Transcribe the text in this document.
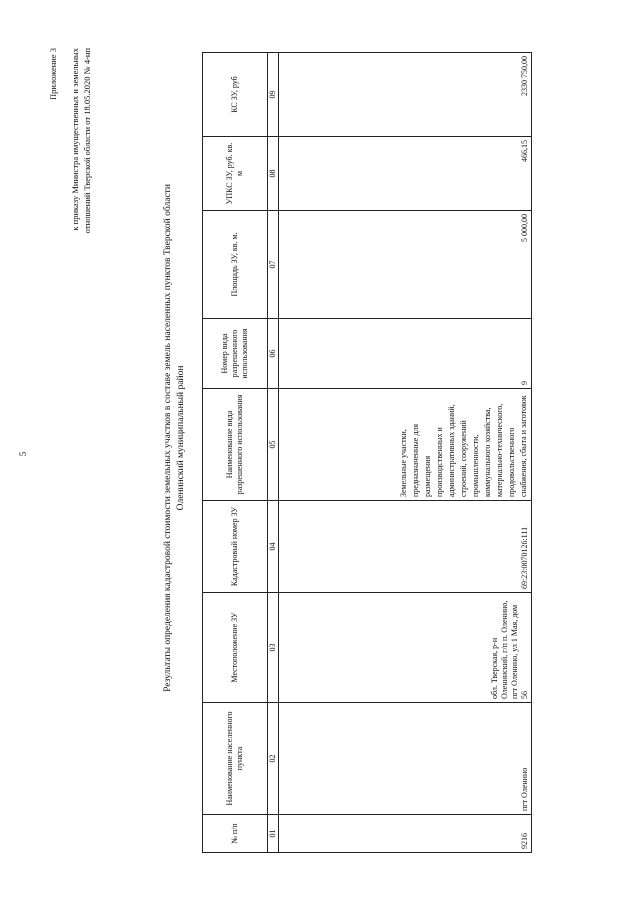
5
Приложение 3 к приказу Министра имущественных и земельных отношений Тверской области от 18.05.2020 № 4-нп
Результаты определения кадастровой стоимости земельных участков в составе земель населенных пунктов Тверской области Оленинский муниципальный район
№ п/п	Наименование населенного пункта	Местоположение ЗУ	Кадастровый номер ЗУ	Наименование вида разрешенного использования	Номер вида разрешенного использования	Площадь ЗУ, кв. м.	УПКС ЗУ, руб. кв. м	КС ЗУ, руб
01	02	03	04	05	06	07	08	09
9216	пгт Оленино	обл. Тверская, р-н Оленинский, г/п п. Оленино, пгт Оленино, ул 1 Мая, дом 56	69:23:0070126:111	Земельные участки, предназначенные для размещения производственных и административных зданий, строений, сооружений промышленности, коммунального хозяйства, материально-технического, продовольственного снабжения, сбыта и заготовок	9	5 000,00	466,15	2330 750,00
